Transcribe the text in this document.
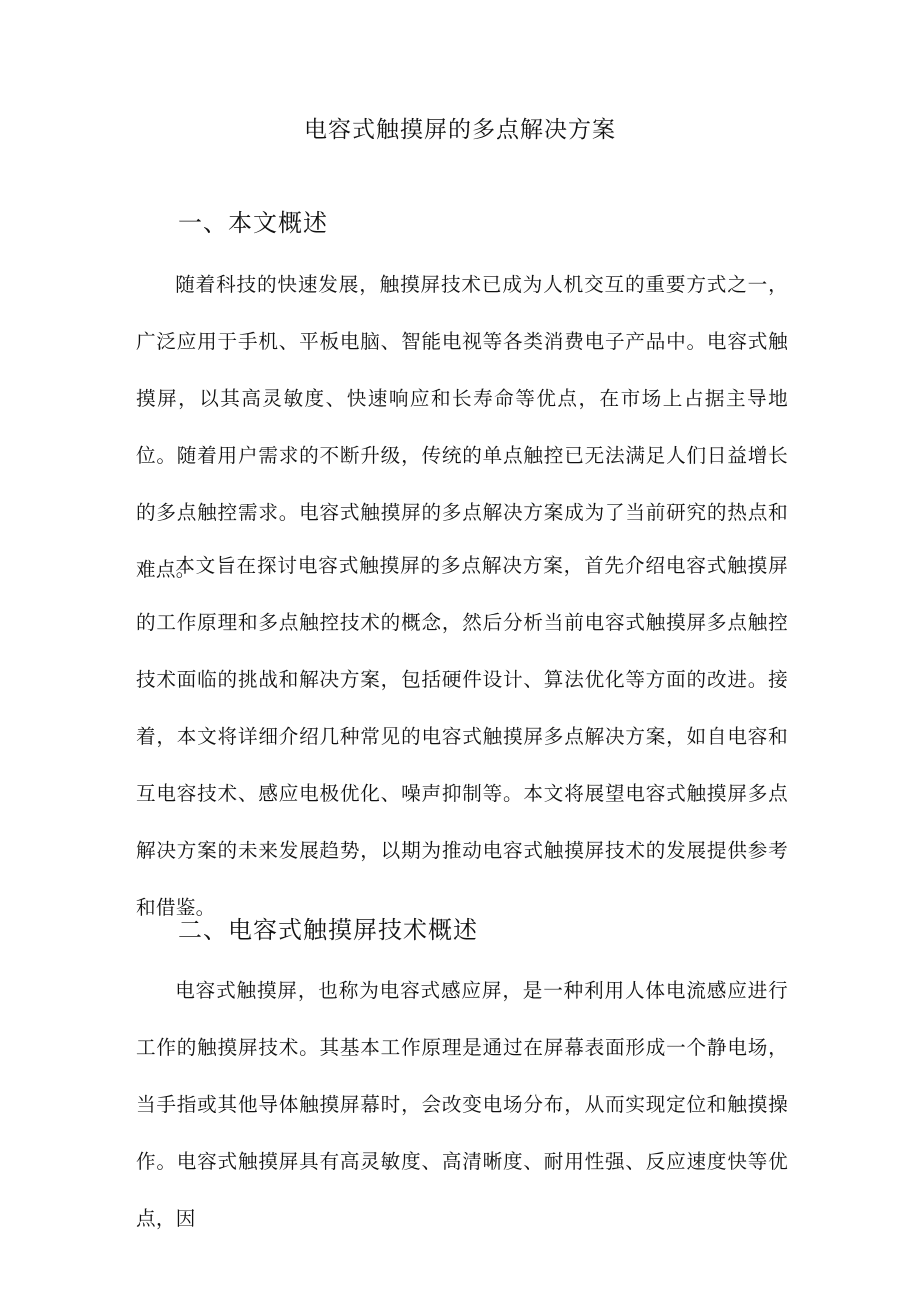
电容式触摸屏的多点解决方案
一、本文概述

随着科技的快速发展，触摸屏技术已成为人机交互的重要方式之一，广泛应用于手机、平板电脑、智能电视等各类消费电子产品中。电容式触摸屏，以其高灵敏度、快速响应和长寿命等优点，在市场上占据主导地位。随着用户需求的不断升级，传统的单点触控已无法满足人们日益增长的多点触控需求。电容式触摸屏的多点解决方案成为了当前研究的热点和难点。

本文旨在探讨电容式触摸屏的多点解决方案，首先介绍电容式触摸屏的工作原理和多点触控技术的概念，然后分析当前电容式触摸屏多点触控技术面临的挑战和解决方案，包括硬件设计、算法优化等方面的改进。接着，本文将详细介绍几种常见的电容式触摸屏多点解决方案，如自电容和互电容技术、感应电极优化、噪声抑制等。本文将展望电容式触摸屏多点解决方案的未来发展趋势，以期为推动电容式触摸屏技术的发展提供参考和借鉴。

二、电容式触摸屏技术概述

电容式触摸屏，也称为电容式感应屏，是一种利用人体电流感应进行工作的触摸屏技术。其基本工作原理是通过在屏幕表面形成一个静电场，当手指或其他导体触摸屏幕时，会改变电场分布，从而实现定位和触摸操作。电容式触摸屏具有高灵敏度、高清晰度、耐用性强、反应速度快等优点，因
